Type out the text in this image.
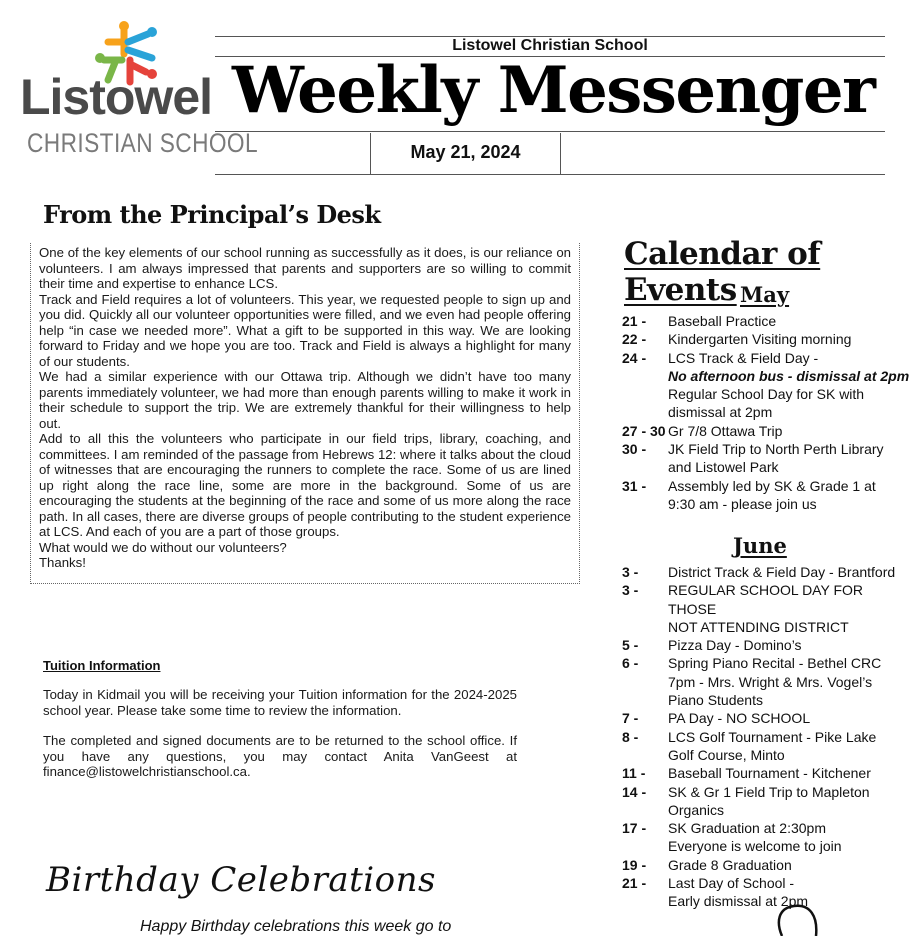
Listowel
CHRISTIAN SCHOOL
Listowel Christian School
Weekly Messenger
May 21, 2024
From the Principal’s Desk

One of the key elements of our school running as successfully as it does, is our reliance on volunteers. I am always impressed that parents and supporters are so willing to commit their time and expertise to enhance LCS.

Track and Field requires a lot of volunteers. This year, we requested people to sign up and you did. Quickly all our volunteer opportunities were filled, and we even had people offering help “in case we needed more”. What a gift to be supported in this way. We are looking forward to Friday and we hope you are too. Track and Field is always a highlight for many of our students.

We had a similar experience with our Ottawa trip. Although we didn’t have too many parents immediately volunteer, we had more than enough parents willing to make it work in their schedule to support the trip. We are extremely thankful for their willingness to help out.

Add to all this the volunteers who participate in our field trips, library, coaching, and committees. I am reminded of the passage from Hebrews 12: where it talks about the cloud of witnesses that are encouraging the runners to complete the race. Some of us are lined up right along the race line, some are more in the background. Some of us are encouraging the students at the beginning of the race and some of us more along the race path. In all cases, there are diverse groups of people contributing to the student experience at LCS. And each of you are a part of those groups.

What would we do without our volunteers?

Thanks!

Tuition Information

Today in Kidmail you will be receiving your Tuition information for the 2024-2025 school year. Please take some time to review the information.

The completed and signed documents are to be returned to the school office. If you have any questions, you may contact Anita VanGeest at finance@listowelchristianschool.ca.

Birthday Celebrations
Happy Birthday celebrations this week go to
Calendar of Events May
21 - Baseball Practice
22 - Kindergarten Visiting morning
24 - LCS Track & Field Day -
No afternoon bus - dismissal at 2pm
Regular School Day for SK with
dismissal at 2pm
27 - 30 Gr 7/8 Ottawa Trip
30 - JK Field Trip to North Perth Library
and Listowel Park
31 - Assembly led by SK & Grade 1 at
9:30 am - please join us
June
3 - District Track & Field Day - Brantford
3 - REGULAR SCHOOL DAY FOR THOSE
NOT ATTENDING DISTRICT
5 - Pizza Day - Domino’s
6 - Spring Piano Recital - Bethel CRC
7pm - Mrs. Wright & Mrs. Vogel’s
Piano Students
7 - PA Day - NO SCHOOL
8 - LCS Golf Tournament - Pike Lake
Golf Course, Minto
11 - Baseball Tournament - Kitchener
14 - SK & Gr 1 Field Trip to Mapleton
Organics
17 - SK Graduation at 2:30pm
Everyone is welcome to join
19 - Grade 8 Graduation
21 - Last Day of School -
Early dismissal at 2pm
